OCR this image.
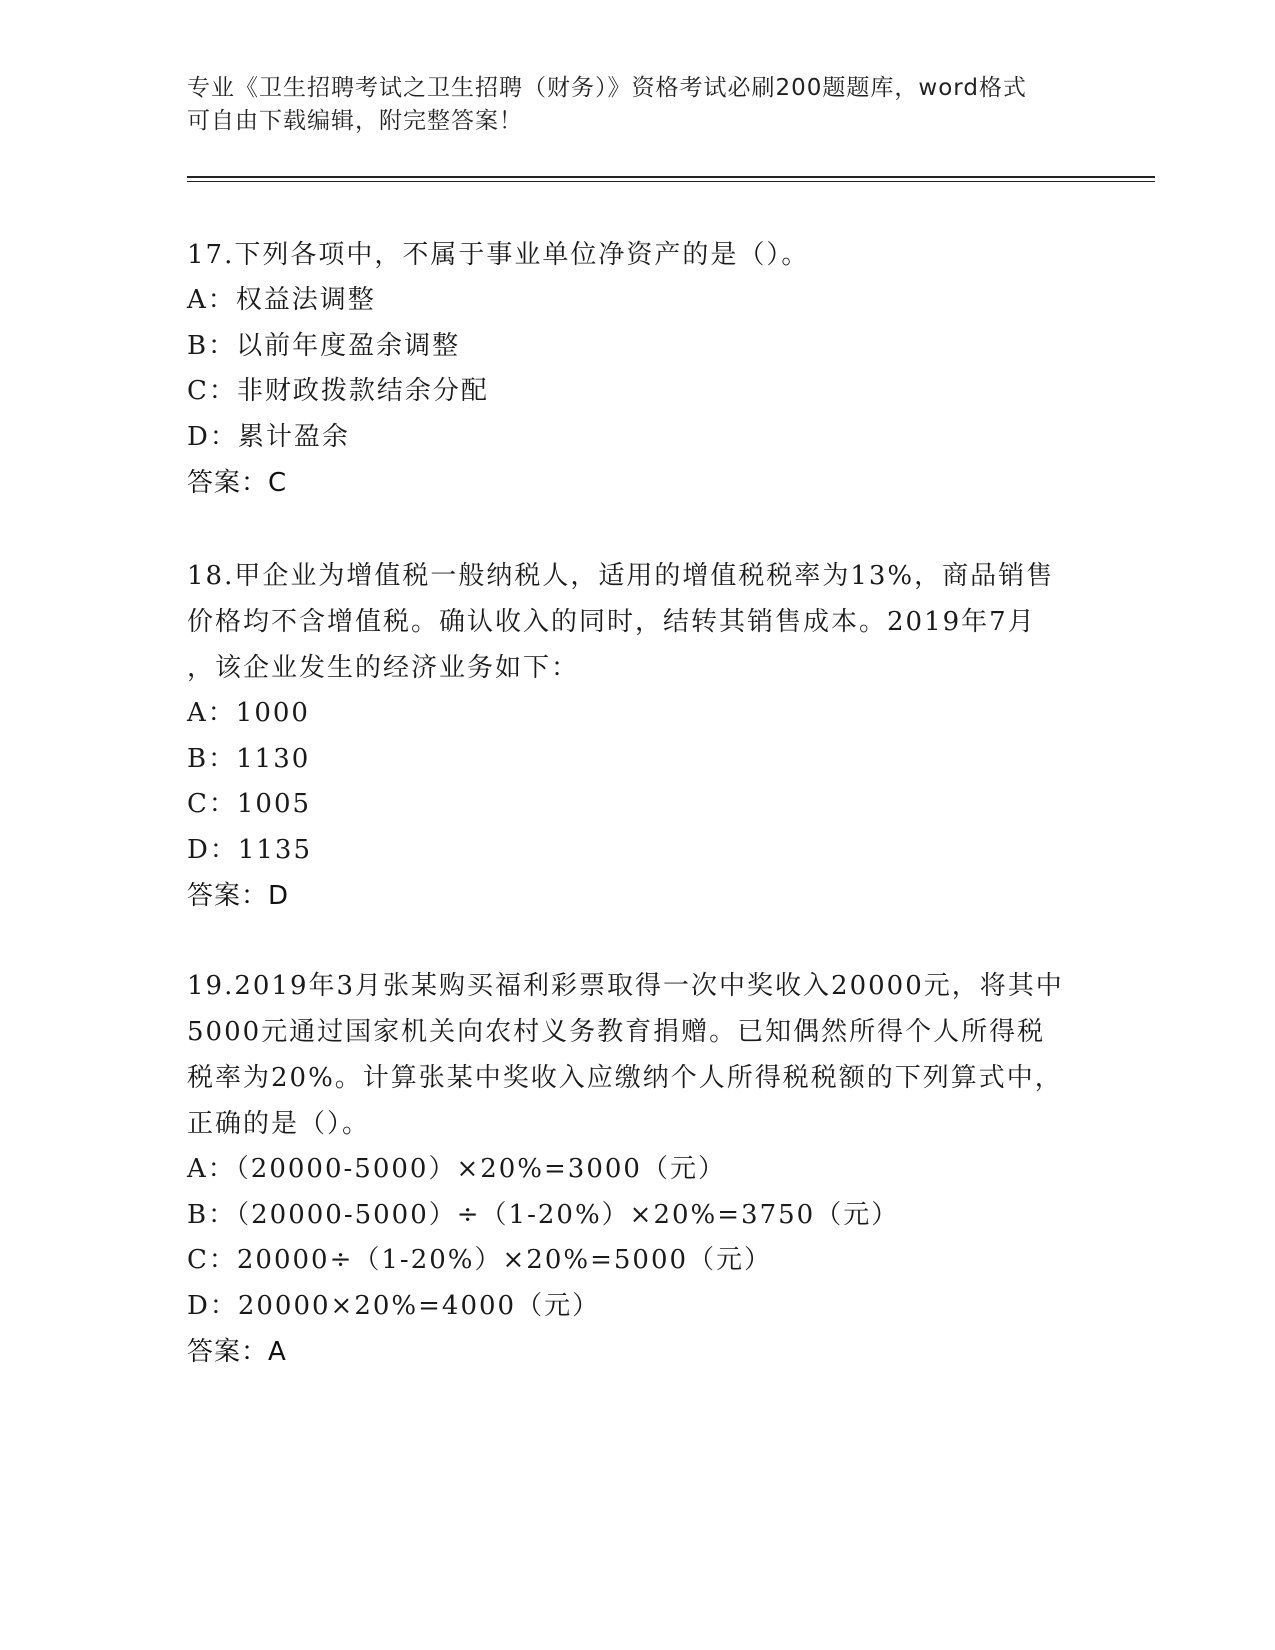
专业《卫生招聘考试之卫生招聘（财务）》资格考试必刷200题题库，word格式
可自由下载编辑，附完整答案！
17.下列各项中，不属于事业单位净资产的是（）。
A：权益法调整
B：以前年度盈余调整
C：非财政拨款结余分配
D：累计盈余
答案：C
18.甲企业为增值税一般纳税人，适用的增值税税率为13%，商品销售
价格均不含增值税。确认收入的同时，结转其销售成本。2019年7月
，该企业发生的经济业务如下：
A：1000
B：1130
C：1005
D：1135
答案：D
19.2019年3月张某购买福利彩票取得一次中奖收入20000元，将其中
5000元通过国家机关向农村义务教育捐赠。已知偶然所得个人所得税
税率为20%。计算张某中奖收入应缴纳个人所得税税额的下列算式中，
正确的是（）。
A：（20000-5000）×20%=3000（元）
B：（20000-5000）÷（1-20%）×20%=3750（元）
C：20000÷（1-20%）×20%=5000（元）
D：20000×20%=4000（元）
答案：A
